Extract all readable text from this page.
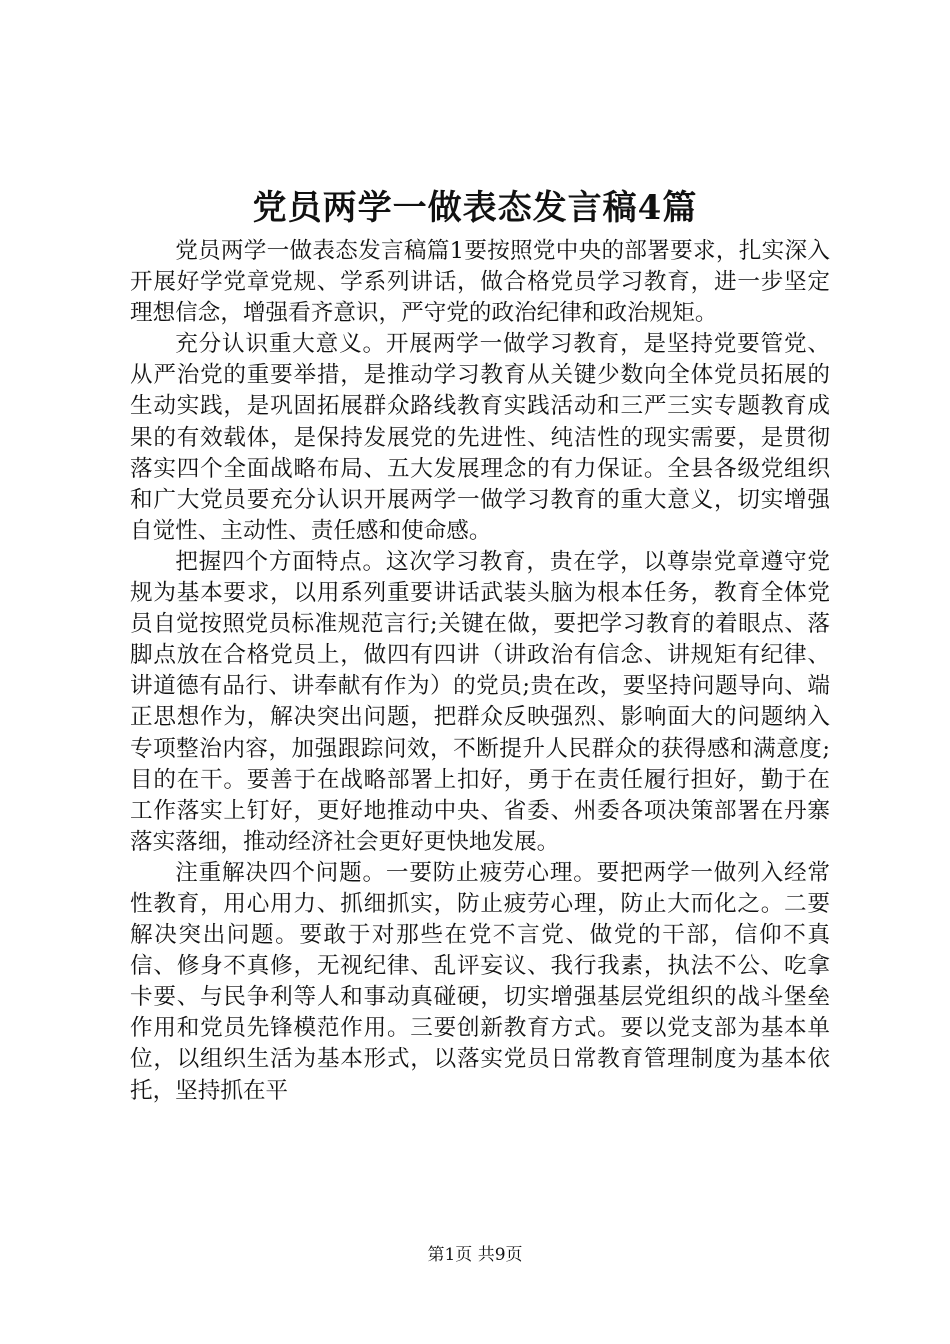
党员两学一做表态发言稿4篇

党员两学一做表态发言稿篇1要按照党中央的部署要求，扎实深入开展好学党章党规、学系列讲话，做合格党员学习教育，进一步坚定理想信念，增强看齐意识，严守党的政治纪律和政治规矩。

充分认识重大意义。开展两学一做学习教育，是坚持党要管党、从严治党的重要举措，是推动学习教育从关键少数向全体党员拓展的生动实践，是巩固拓展群众路线教育实践活动和三严三实专题教育成果的有效载体，是保持发展党的先进性、纯洁性的现实需要，是贯彻落实四个全面战略布局、五大发展理念的有力保证。全县各级党组织和广大党员要充分认识开展两学一做学习教育的重大意义，切实增强自觉性、主动性、责任感和使命感。

把握四个方面特点。这次学习教育，贵在学，以尊崇党章遵守党规为基本要求，以用系列重要讲话武装头脑为根本任务，教育全体党员自觉按照党员标准规范言行;关键在做，要把学习教育的着眼点、落脚点放在合格党员上，做四有四讲（讲政治有信念、讲规矩有纪律、讲道德有品行、讲奉献有作为）的党员;贵在改，要坚持问题导向、端正思想作为，解决突出问题，把群众反映强烈、影响面大的问题纳入专项整治内容，加强跟踪问效，不断提升人民群众的获得感和满意度;目的在干。要善于在战略部署上扣好，勇于在责任履行担好，勤于在工作落实上钉好，更好地推动中央、省委、州委各项决策部署在丹寨落实落细，推动经济社会更好更快地发展。

注重解决四个问题。一要防止疲劳心理。要把两学一做列入经常性教育，用心用力、抓细抓实，防止疲劳心理，防止大而化之。二要解决突出问题。要敢于对那些在党不言党、做党的干部，信仰不真信、修身不真修，无视纪律、乱评妄议、我行我素，执法不公、吃拿卡要、与民争利等人和事动真碰硬，切实增强基层党组织的战斗堡垒作用和党员先锋模范作用。三要创新教育方式。要以党支部为基本单位，以组织生活为基本形式，以落实党员日常教育管理制度为基本依托，坚持抓在平

第1页 共9页
